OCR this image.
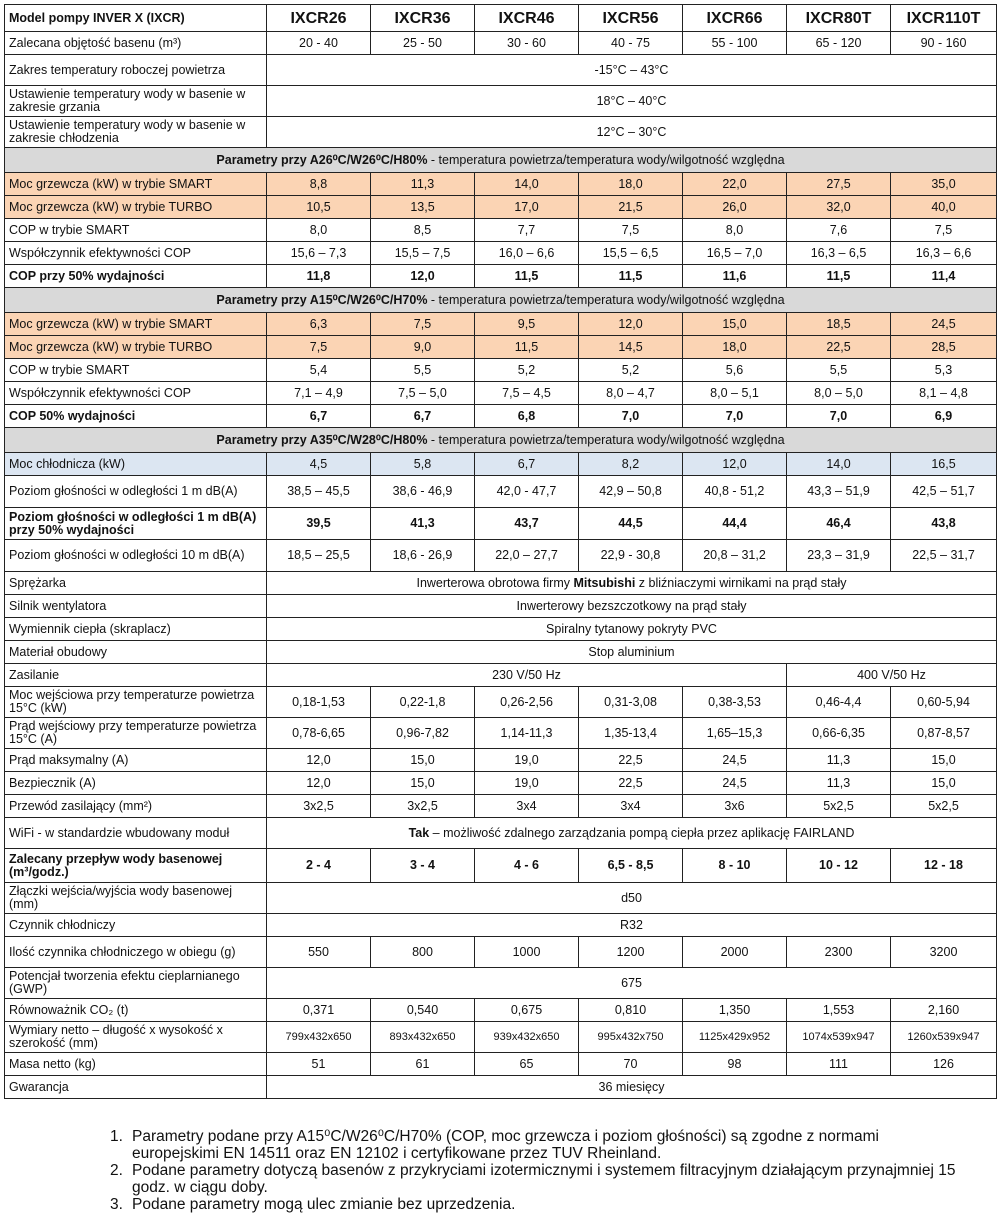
Model pompy INVER X (IXCR)	IXCR26	IXCR36	IXCR46	IXCR56	IXCR66	IXCR80T	IXCR110T
Zalecana objętość basenu (m³)	20 - 40	25 - 50	30 - 60	40 - 75	55 - 100	65 - 120	90 - 160
Zakres temperatury roboczej powietrza	-15°C – 43°C						
Ustawienie temperatury wody w basenie w zakresie grzania	18°C – 40°C						
Ustawienie temperatury wody w basenie w zakresie chłodzenia	12°C – 30°C						
Parametry przy A26⁰C/W26⁰C/H80% - temperatura powietrza/temperatura wody/wilgotność względna							
Moc grzewcza (kW) w trybie SMART	8,8	11,3	14,0	18,0	22,0	27,5	35,0
Moc grzewcza (kW) w trybie TURBO	10,5	13,5	17,0	21,5	26,0	32,0	40,0
COP w trybie SMART	8,0	8,5	7,7	7,5	8,0	7,6	7,5
Współczynnik efektywności COP	15,6 – 7,3	15,5 – 7,5	16,0 – 6,6	15,5 – 6,5	16,5 – 7,0	16,3 – 6,5	16,3 – 6,6
COP przy 50% wydajności	11,8	12,0	11,5	11,5	11,6	11,5	11,4
Parametry przy A15⁰C/W26⁰C/H70% - temperatura powietrza/temperatura wody/wilgotność względna							
Moc grzewcza (kW) w trybie SMART	6,3	7,5	9,5	12,0	15,0	18,5	24,5
Moc grzewcza (kW) w trybie TURBO	7,5	9,0	11,5	14,5	18,0	22,5	28,5
COP w trybie SMART	5,4	5,5	5,2	5,2	5,6	5,5	5,3
Współczynnik efektywności COP	7,1 – 4,9	7,5 – 5,0	7,5 – 4,5	8,0 – 4,7	8,0 – 5,1	8,0 – 5,0	8,1 – 4,8
COP 50% wydajności	6,7	6,7	6,8	7,0	7,0	7,0	6,9
Parametry przy A35⁰C/W28⁰C/H80% - temperatura powietrza/temperatura wody/wilgotność względna							
Moc chłodnicza (kW)	4,5	5,8	6,7	8,2	12,0	14,0	16,5
Poziom głośności w odległości 1 m dB(A)	38,5 – 45,5	38,6 - 46,9	42,0 - 47,7	42,9 – 50,8	40,8 - 51,2	43,3 – 51,9	42,5 – 51,7
Poziom głośności w odległości 1 m dB(A) przy 50% wydajności	39,5	41,3	43,7	44,5	44,4	46,4	43,8
Poziom głośności w odległości 10 m dB(A)	18,5 – 25,5	18,6 - 26,9	22,0 – 27,7	22,9 - 30,8	20,8 – 31,2	23,3 – 31,9	22,5 – 31,7
Sprężarka	Inwerterowa obrotowa firmy Mitsubishi z bliźniaczymi wirnikami na prąd stały						
Silnik wentylatora	Inwerterowy bezszczotkowy na prąd stały						
Wymiennik ciepła (skraplacz)	Spiralny tytanowy pokryty PVC						
Materiał obudowy	Stop aluminium						
Zasilanie	230 V/50 Hz					400 V/50 Hz	
Moc wejściowa przy temperaturze powietrza 15°C (kW)	0,18-1,53	0,22-1,8	0,26-2,56	0,31-3,08	0,38-3,53	0,46-4,4	0,60-5,94
Prąd wejściowy przy temperaturze powietrza 15°C (A)	0,78-6,65	0,96-7,82	1,14-11,3	1,35-13,4	1,65–15,3	0,66-6,35	0,87-8,57
Prąd maksymalny (A)	12,0	15,0	19,0	22,5	24,5	11,3	15,0
Bezpiecznik (A)	12,0	15,0	19,0	22,5	24,5	11,3	15,0
Przewód zasilający (mm²)	3x2,5	3x2,5	3x4	3x4	3x6	5x2,5	5x2,5
WiFi - w standardzie wbudowany moduł	Tak – możliwość zdalnego zarządzania pompą ciepła przez aplikację FAIRLAND						
Zalecany przepływ wody basenowej (m³/godz.)	2 - 4	3 - 4	4 - 6	6,5 - 8,5	8 - 10	10 - 12	12 - 18
Złączki wejścia/wyjścia wody basenowej (mm)	d50						
Czynnik chłodniczy	R32						
Ilość czynnika chłodniczego w obiegu (g)	550	800	1000	1200	2000	2300	3200
Potencjał tworzenia efektu cieplarnianego (GWP)	675						
Równoważnik CO₂ (t)	0,371	0,540	0,675	0,810	1,350	1,553	2,160
Wymiary netto – długość x wysokość x szerokość (mm)	799x432x650	893x432x650	939x432x650	995x432x750	1125x429x952	1074x539x947	1260x539x947
Masa netto (kg)	51	61	65	70	98	111	126
Gwarancja	36 miesięcy						
1. Parametry podane przy A15⁰C/W26⁰C/H70% (COP, moc grzewcza i poziom głośności) są zgodne z normami europejskimi EN 14511 oraz EN 12102 i certyfikowane przez TUV Rheinland.
2. Podane parametry dotyczą basenów z przykryciami izotermicznymi i systemem filtracyjnym działającym przynajmniej 15 godz. w ciągu doby.
3. Podane parametry mogą ulec zmianie bez uprzedzenia.
